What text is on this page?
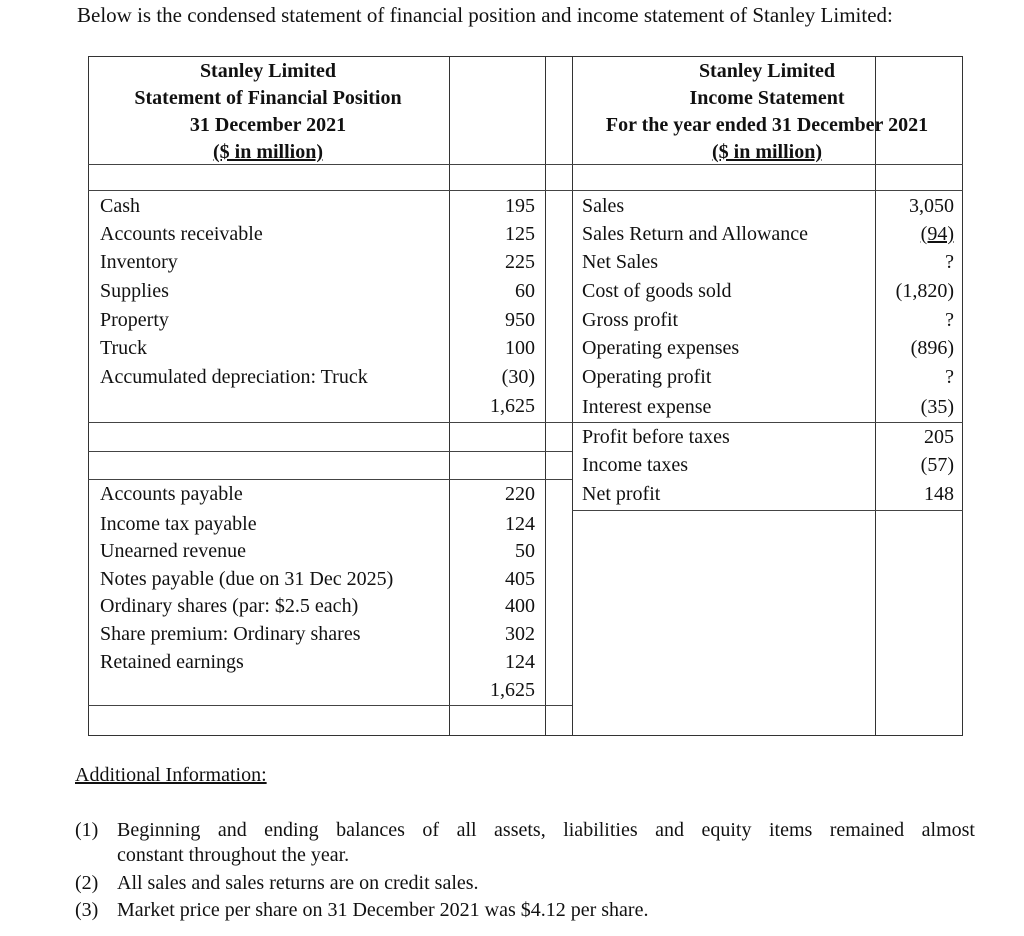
Below is the condensed statement of financial position and income statement of Stanley Limited:
Stanley Limited
Statement of Financial Position
31 December 2021
($ in million)
Stanley Limited
Income Statement
For the year ended 31 December 2021
($ in million)
Cash	195
Accounts receivable	125
Inventory	225
Supplies	60
Property	950
Truck	100
Accumulated depreciation: Truck	(30)
1,625
Accounts payable	220
Income tax payable	124
Unearned revenue	50
Notes payable (due on 31 Dec 2025)	405
Ordinary shares (par: $2.5 each)	400
Share premium: Ordinary shares	302
Retained earnings	124
1,625
Sales	3,050
Sales Return and Allowance	(94)
Net Sales	?
Cost of goods sold	(1,820)
Gross profit	?
Operating expenses	(896)
Operating profit	?
Interest expense	(35)
Profit before taxes	205
Income taxes	(57)
Net profit	148
Additional Information:
(1) Beginning and ending balances of all assets, liabilities and equity items remained almost
constant throughout the year.
(2) All sales and sales returns are on credit sales.
(3) Market price per share on 31 December 2021 was $4.12 per share.
